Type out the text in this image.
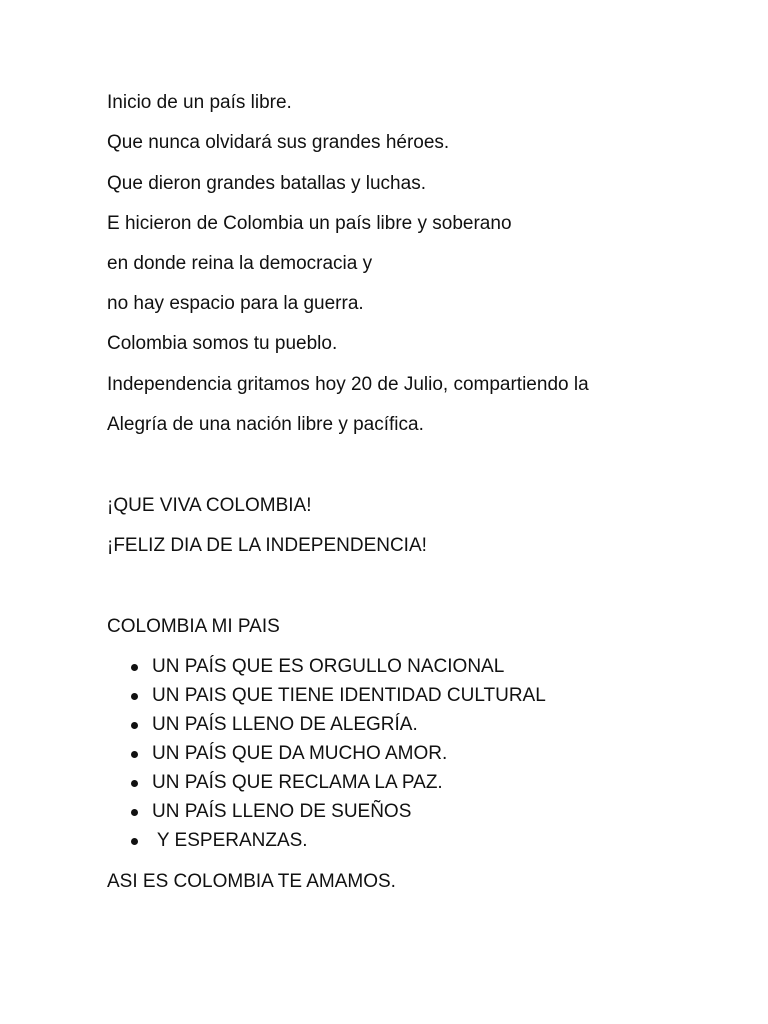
Inicio de un país libre.
Que nunca olvidará sus grandes héroes.
Que dieron grandes batallas y luchas.
E hicieron de Colombia un país libre y soberano
en donde reina la democracia y
no hay espacio para la guerra.
Colombia somos tu pueblo.
Independencia gritamos hoy 20 de Julio, compartiendo la
Alegría de una nación libre y pacífica.
¡QUE VIVA COLOMBIA!
¡FELIZ DIA DE LA INDEPENDENCIA!
COLOMBIA MI PAIS
UN PAÍS QUE ES ORGULLO NACIONAL
UN PAIS QUE TIENE IDENTIDAD CULTURAL
UN PAÍS LLENO DE ALEGRÍA.
UN PAÍS QUE DA MUCHO AMOR.
UN PAÍS QUE RECLAMA LA PAZ.
UN PAÍS LLENO DE SUEÑOS
Y ESPERANZAS.
ASI ES COLOMBIA TE AMAMOS.
